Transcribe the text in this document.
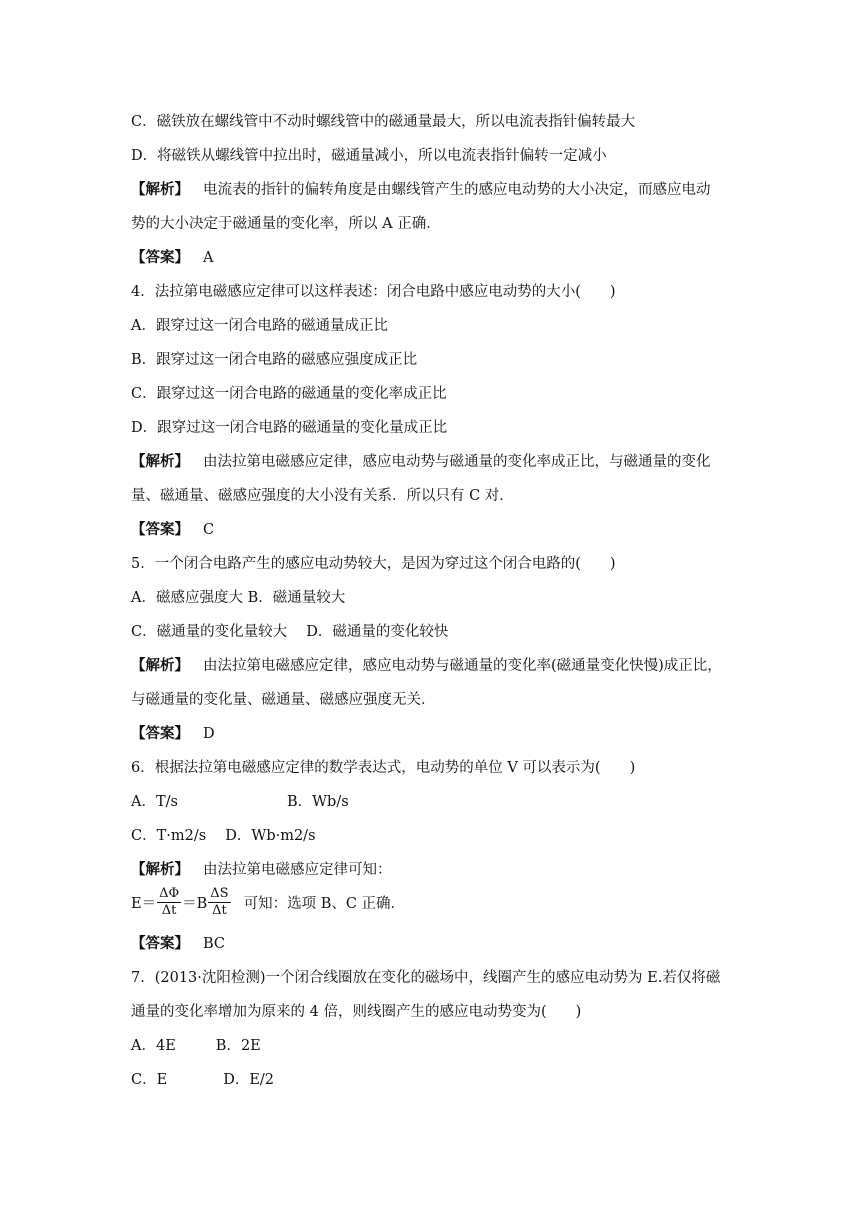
C．磁铁放在螺线管中不动时螺线管中的磁通量最大，所以电流表指针偏转最大
D．将磁铁从螺线管中拉出时，磁通量减小，所以电流表指针偏转一定减小
【解析】 电流表的指针的偏转角度是由螺线管产生的感应电动势的大小决定，而感应电动
势的大小决定于磁通量的变化率，所以 A 正确．
【答案】 A
4．法拉第电磁感应定律可以这样表述：闭合电路中感应电动势的大小(　　)
A．跟穿过这一闭合电路的磁通量成正比
B．跟穿过这一闭合电路的磁感应强度成正比
C．跟穿过这一闭合电路的磁通量的变化率成正比
D．跟穿过这一闭合电路的磁通量的变化量成正比
【解析】 由法拉第电磁感应定律，感应电动势与磁通量的变化率成正比，与磁通量的变化
量、磁通量、磁感应强度的大小没有关系．所以只有 C 对．
【答案】 C
5．一个闭合电路产生的感应电动势较大，是因为穿过这个闭合电路的(　　)
A．磁感应强度大 B．磁通量较大
C．磁通量的变化量较大　 D．磁通量的变化较快
【解析】 由法拉第电磁感应定律，感应电动势与磁通量的变化率(磁通量变化快慢)成正比，
与磁通量的变化量、磁通量、磁感应强度无关．
【答案】 D
6．根据法拉第电磁感应定律的数学表达式，电动势的单位 V 可以表示为(　　)
A．T/s	B．Wb/s
C．T·m2/s　 D．Wb·m2/s
【解析】 由法拉第电磁感应定律可知：
$E= \frac{\Delta\Phi}{\Delta t} =B \frac{\Delta S}{\Delta t}$ 可知：选项 B、C 正确．
【答案】 BC
7．(2013·沈阳检测)一个闭合线圈放在变化的磁场中，线圈产生的感应电动势为 E.若仅将磁
通量的变化率增加为原来的 4 倍，则线圈产生的感应电动势变为(　　)
A．4E	B．2E
C．E	D．E/2
